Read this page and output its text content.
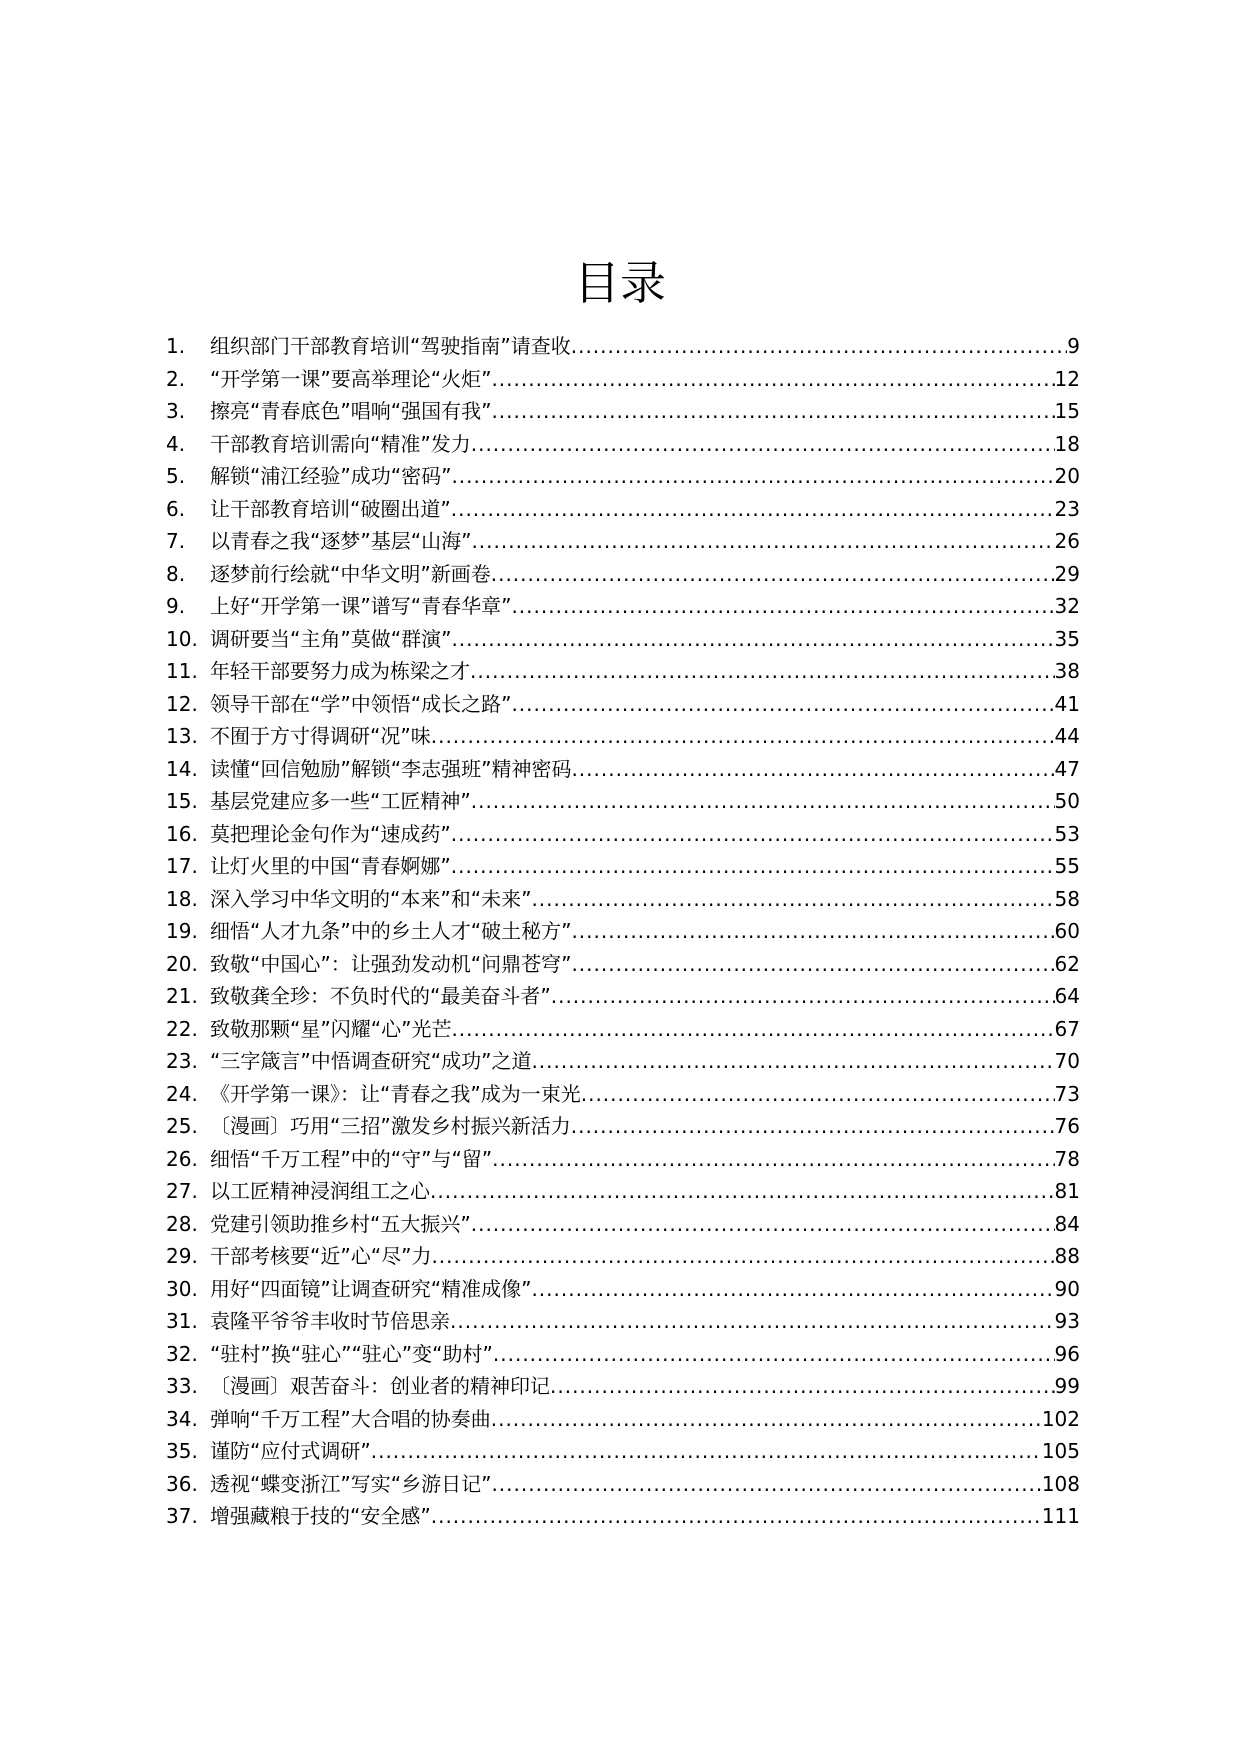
目录
1.	组织部门干部教育培训“驾驶指南”请查收 .....	9
2.	“开学第一课”要高举理论“火炬” .....	12
3.	擦亮“青春底色”唱响“强国有我” .....	15
4.	干部教育培训需向“精准”发力 .....	18
5.	解锁“浦江经验”成功“密码” .....	20
6.	让干部教育培训“破圈出道” .....	23
7.	以青春之我“逐梦”基层“山海” .....	26
8.	逐梦前行绘就“中华文明”新画卷 .....	29
9.	上好“开学第一课”谱写“青春华章” .....	32
10. 调研要当“主角”莫做“群演” .....	35
11. 年轻干部要努力成为栋梁之才 .....	38
12. 领导干部在“学”中领悟“成长之路” .....	41
13. 不囿于方寸得调研“况”味 .....	44
14. 读懂“回信勉励”解锁“李志强班”精神密码 .....	47
15. 基层党建应多一些“工匠精神” .....	50
16. 莫把理论金句作为“速成药” .....	53
17. 让灯火里的中国“青春婀娜” .....	55
18. 深入学习中华文明的“本来”和“未来” .....	58
19. 细悟“人才九条”中的乡土人才“破土秘方” .....	60
20. 致敬“中国心”：让强劲发动机“问鼎苍穹” .....	62
21. 致敬龚全珍：不负时代的“最美奋斗者” .....	64
22. 致敬那颗“星”闪耀“心”光芒 .....	67
23. “三字箴言”中悟调查研究“成功”之道 .....	70
24. 《开学第一课》：让“青春之我”成为一束光 .....	73
25. 〔漫画〕巧用“三招”激发乡村振兴新活力 .....	76
26. 细悟“千万工程”中的“守”与“留” .....	78
27. 以工匠精神浸润组工之心 .....	81
28. 党建引领助推乡村“五大振兴” .....	84
29. 干部考核要“近”心“尽”力 .....	88
30. 用好“四面镜”让调查研究“精准成像” .....	90
31. 袁隆平爷爷丰收时节倍思亲 .....	93
32. “驻村”换“驻心”“驻心”变“助村” .....	96
33. 〔漫画〕艰苦奋斗：创业者的精神印记 .....	99
34. 弹响“千万工程”大合唱的协奏曲 .....	102
35. 谨防“应付式调研” .....	105
36. 透视“蝶变浙江”写实“乡游日记” .....	108
37. 增强藏粮于技的“安全感” .....	111
